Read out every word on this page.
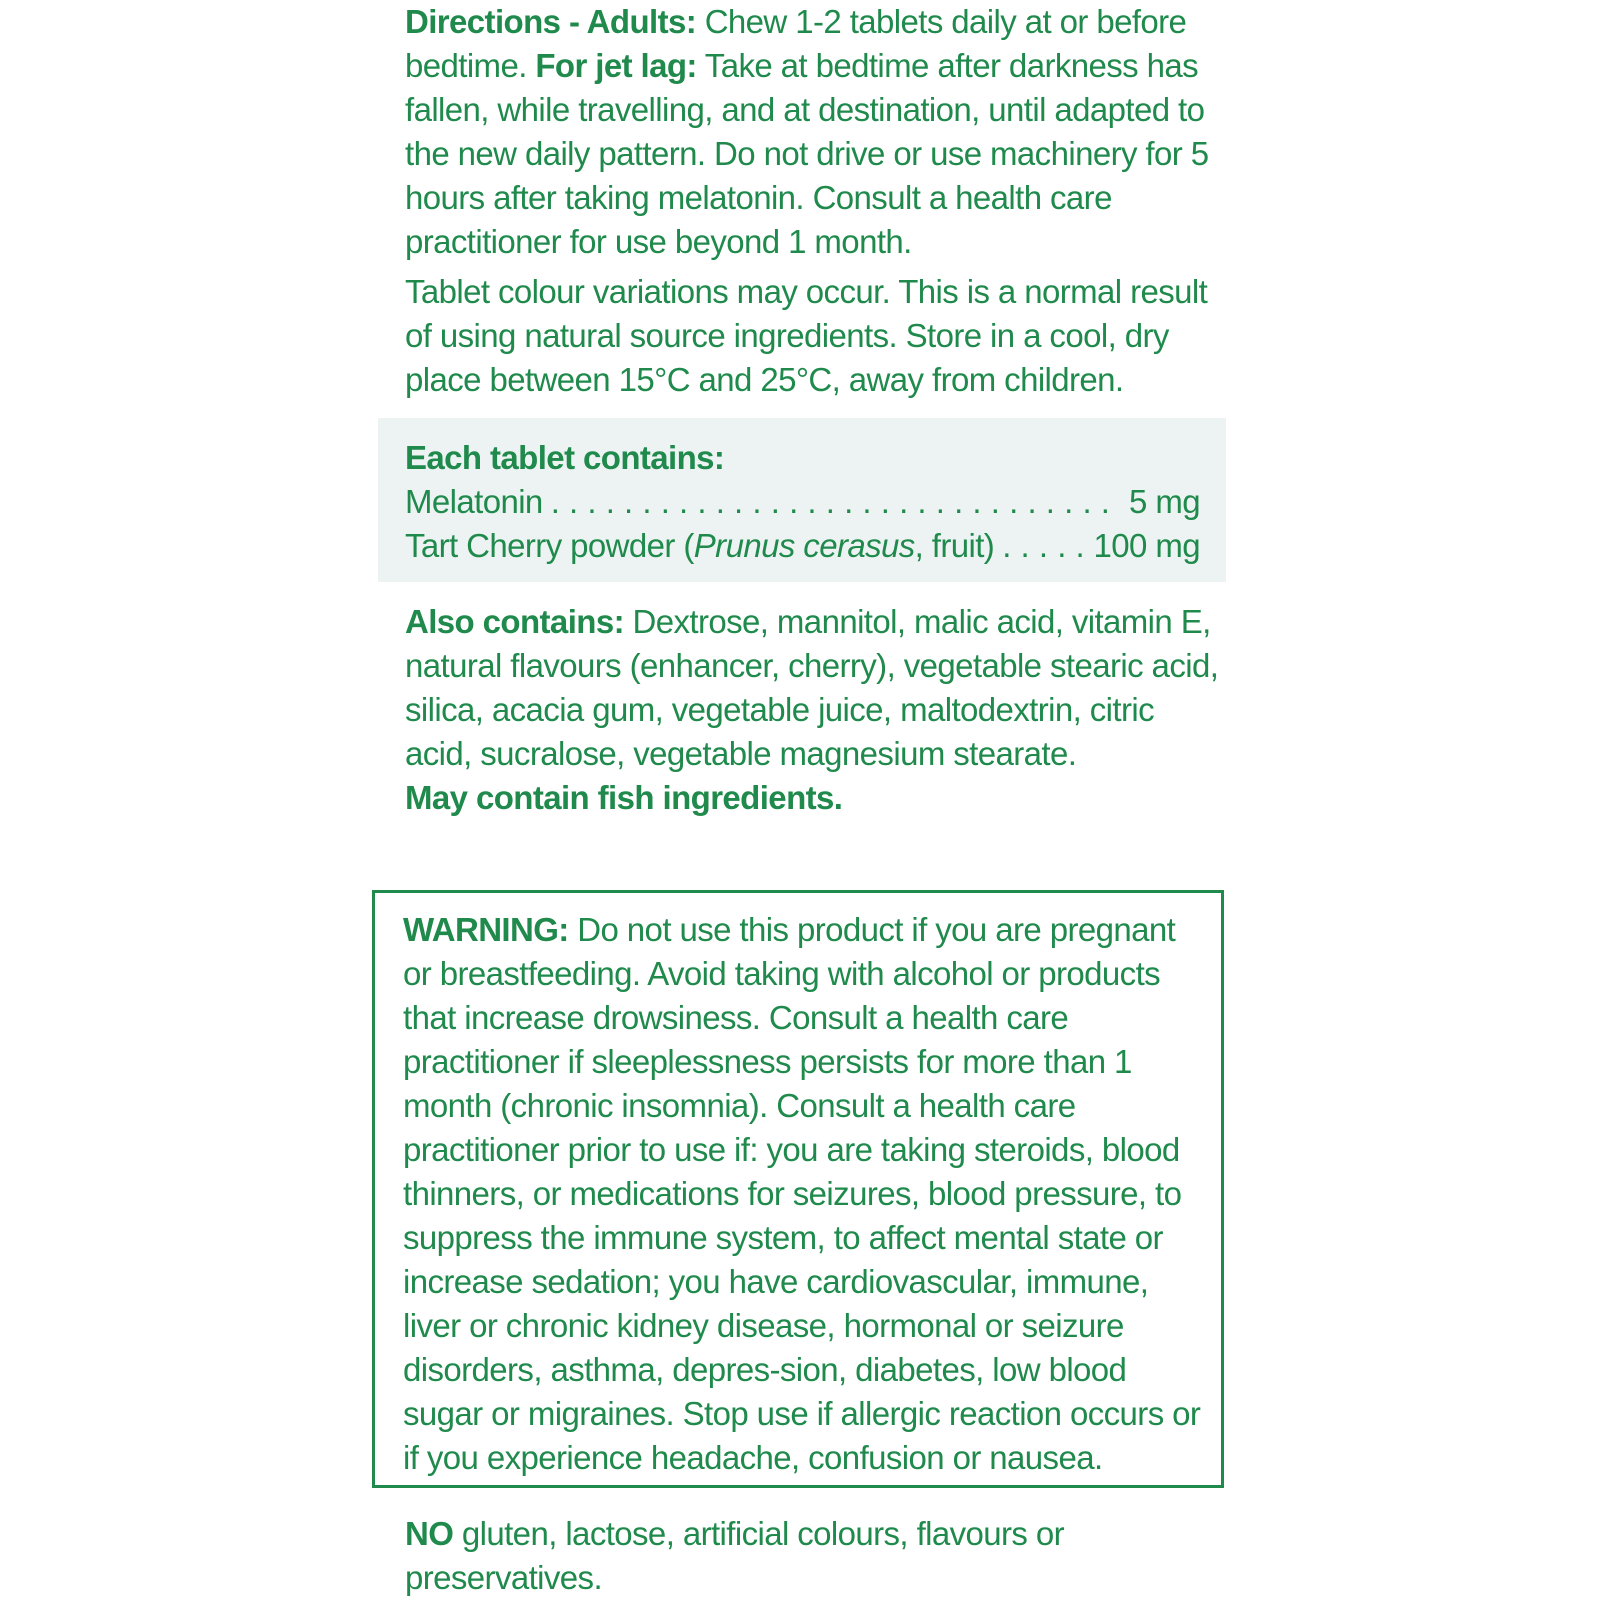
Directions - Adults: Chew 1-2 tablets daily at or before bedtime. For jet lag: Take at bedtime after darkness has fallen, while travelling, and at destination, until adapted to the new daily pattern. Do not drive or use machinery for 5 hours after taking melatonin. Consult a health care practitioner for use beyond 1 month.

Tablet colour variations may occur. This is a normal result of using natural source ingredients. Store in a cool, dry place between 15°C and 25°C, away from children.

Each tablet contains:

Melatonin . . .	5 mg
Tart Cherry powder (Prunus cerasus, fruit) . . .	100 mg

Also contains: Dextrose, mannitol, malic acid, vitamin E, natural flavours (enhancer, cherry), vegetable stearic acid, silica, acacia gum, vegetable juice, maltodextrin, citric acid, sucralose, vegetable magnesium stearate.

May contain fish ingredients.

WARNING: Do not use this product if you are pregnant or breastfeeding. Avoid taking with alcohol or products that increase drowsiness. Consult a health care practitioner if sleeplessness persists for more than 1 month (chronic insomnia). Consult a health care practitioner prior to use if: you are taking steroids, blood thinners, or medications for seizures, blood pressure, to suppress the immune system, to affect mental state or increase sedation; you have cardiovascular, immune, liver or chronic kidney disease, hormonal or seizure disorders, asthma, depres-sion, diabetes, low blood sugar or migraines. Stop use if allergic reaction occurs or if you experience headache, confusion or nausea.

NO gluten, lactose, artificial colours, flavours or preservatives.
